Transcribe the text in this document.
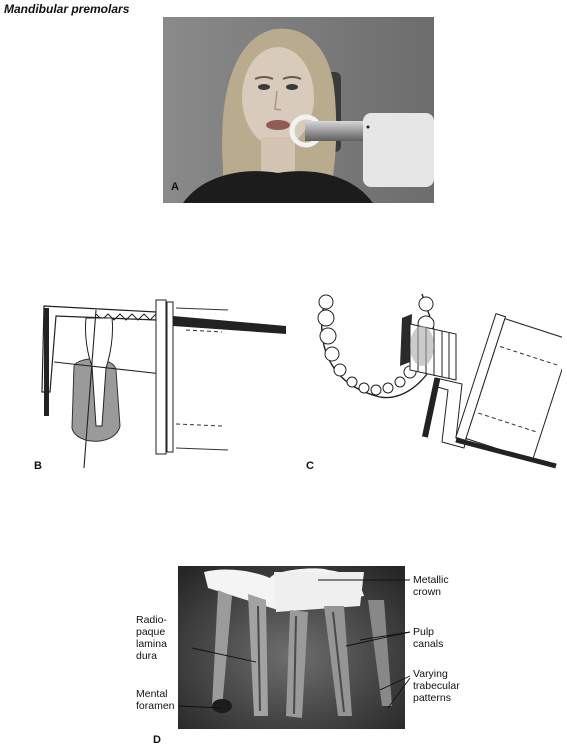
Mandibular premolars
A
B	C
D
Radio-
paque
lamina
dura
Mental
foramen
Metallic
crown
Pulp
canals
Varying
trabecular
patterns
